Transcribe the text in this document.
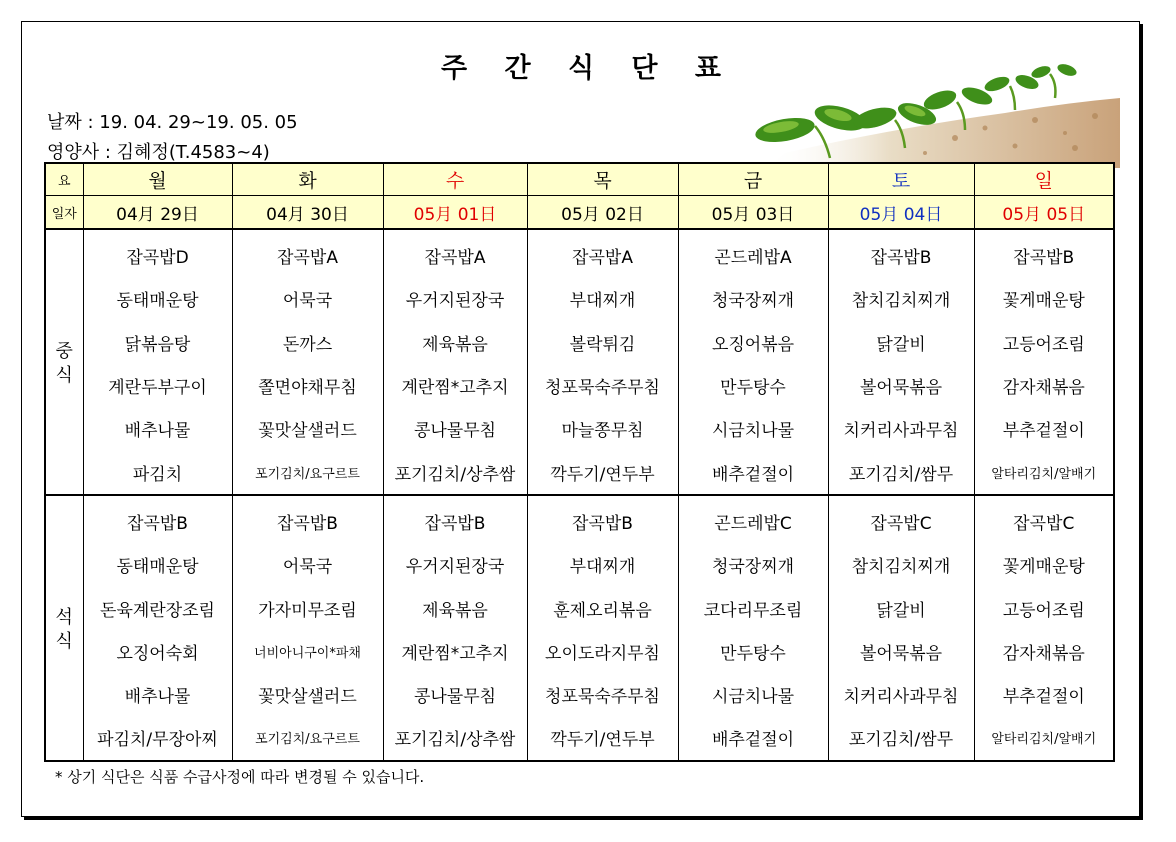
주 간 식 단 표
날짜 : 19. 04. 29~19. 05. 05
영양사 : 김혜정(T.4583~4)
요	월	화	수	목	금	토	일
일자	04月 29日	04月 30日	05月 01日	05月 02日	05月 03日	05月 04日	05月 05日
중
식	잡곡밥D	잡곡밥A	잡곡밥A	잡곡밥A	곤드레밥A	잡곡밥B	잡곡밥B
	동태매운탕	어묵국	우거지된장국	부대찌개	청국장찌개	참치김치찌개	꽃게매운탕
	닭볶음탕	돈까스	제육볶음	볼락튀김	오징어볶음	닭갈비	고등어조림
	계란두부구이	쫄면야채무침	계란찜*고추지	청포묵숙주무침	만두탕수	볼어묵볶음	감자채볶음
	배추나물	꽃맛살샐러드	콩나물무침	마늘쫑무침	시금치나물	치커리사과무침	부추겉절이
	파김치	포기김치/요구르트	포기김치/상추쌈	깍두기/연두부	배추겉절이	포기김치/쌈무	알타리김치/알배기
석
식	잡곡밥B	잡곡밥B	잡곡밥B	잡곡밥B	곤드레밥C	잡곡밥C	잡곡밥C
	동태매운탕	어묵국	우거지된장국	부대찌개	청국장찌개	참치김치찌개	꽃게매운탕
	돈육계란장조림	가자미무조림	제육볶음	훈제오리볶음	코다리무조림	닭갈비	고등어조림
	오징어숙회	너비아니구이*파채	계란찜*고추지	오이도라지무침	만두탕수	볼어묵볶음	감자채볶음
	배추나물	꽃맛살샐러드	콩나물무침	청포묵숙주무침	시금치나물	치커리사과무침	부추겉절이
	파김치/무장아찌	포기김치/요구르트	포기김치/상추쌈	깍두기/연두부	배추겉절이	포기김치/쌈무	알타리김치/알배기
* 상기 식단은 식품 수급사정에 따라 변경될 수 있습니다.
